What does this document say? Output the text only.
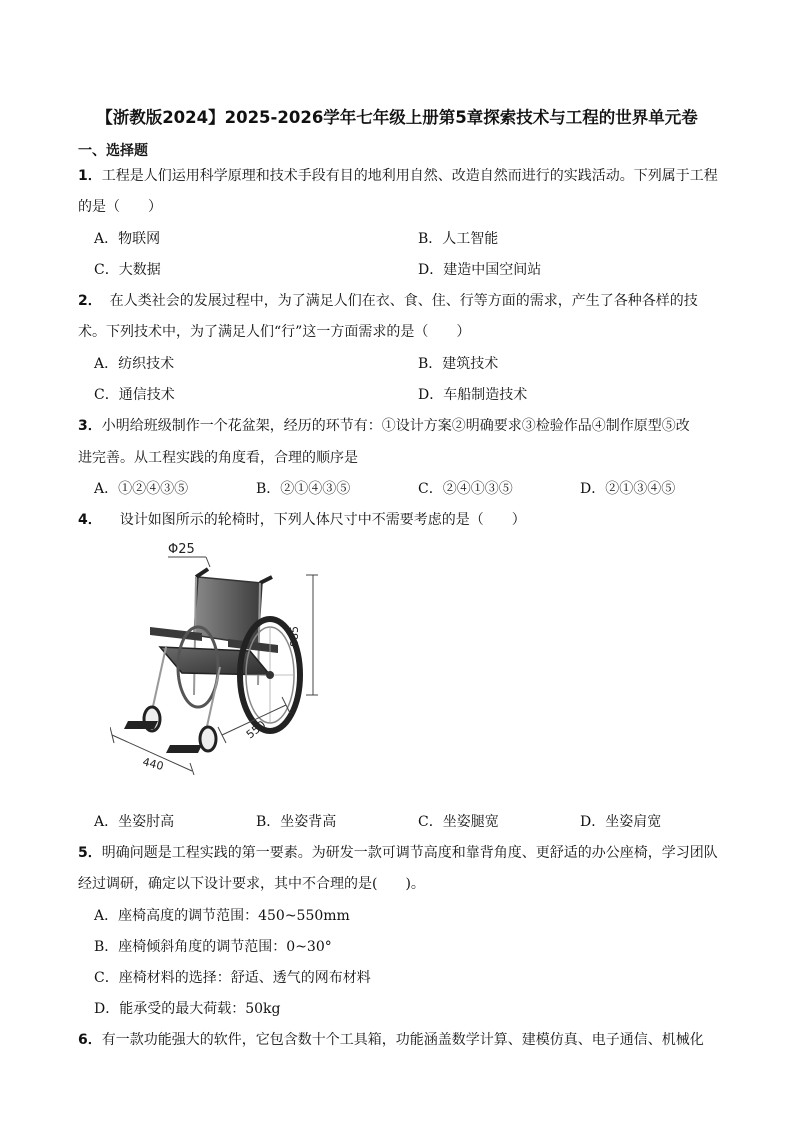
【浙教版2024】2025-2026学年七年级上册第5章探索技术与工程的世界单元卷
一、选择题
1．工程是人们运用科学原理和技术手段有目的地利用自然、改造自然而进行的实践活动。下列属于工程
的是（　　）
A．物联网	B．人工智能
C．大数据	D．建造中国空间站
2． 在人类社会的发展过程中，为了满足人们在衣、食、住、行等方面的需求，产生了各种各样的技
术。下列技术中，为了满足人们“行”这一方面需求的是（　　）
A．纺织技术	B．建筑技术
C．通信技术	D．车船制造技术
3．小明给班级制作一个花盆架，经历的环节有：①设计方案②明确要求③检验作品④制作原型⑤改
进完善。从工程实践的角度看，合理的顺序是
A．①②④③⑤	B．②①④③⑤	C．②④①③⑤	D．②①③④⑤
4． 设计如图所示的轮椅时，下列人体尺寸中不需要考虑的是（　　）
Φ25
885
550
440
A．坐姿肘高	B．坐姿背高	C．坐姿腿宽	D．坐姿肩宽
5．明确问题是工程实践的第一要素。为研发一款可调节高度和靠背角度、更舒适的办公座椅，学习团队
经过调研，确定以下设计要求，其中不合理的是(　　)。
A．座椅高度的调节范围：450~550mm
B．座椅倾斜角度的调节范围：0~30°
C．座椅材料的选择：舒适、透气的网布材料
D．能承受的最大荷载：50kg
6．有一款功能强大的软件，它包含数十个工具箱，功能涵盖数学计算、建模仿真、电子通信、机械化
